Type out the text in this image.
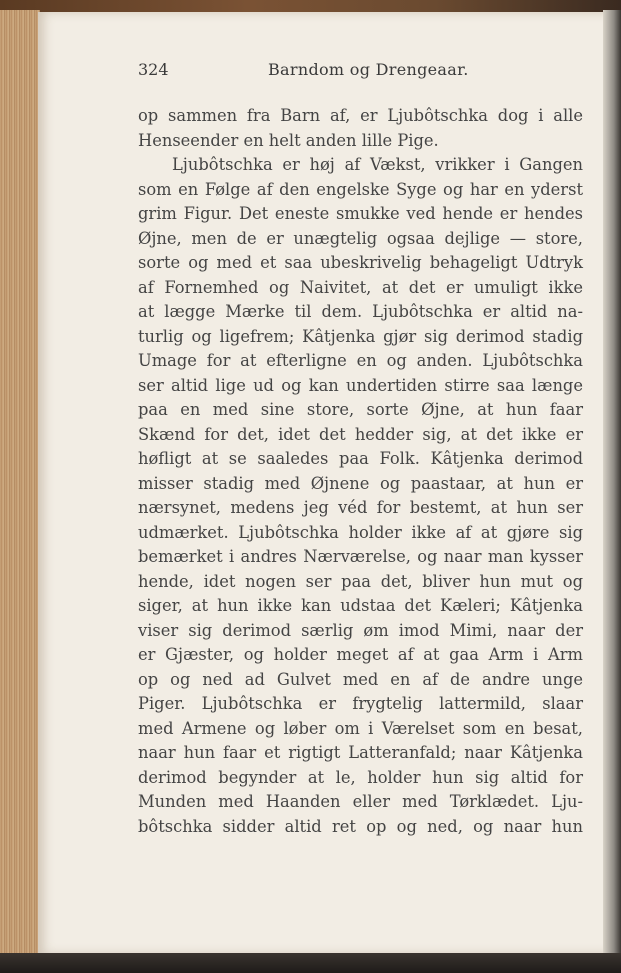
324	Barndom og Drengeaar.
op sammen fra Barn af, er Ljubôtschka dog i alle
Henseender en helt anden lille Pige.
Ljubôtschka er høj af Vækst, vrikker i Gangen
som en Følge af den engelske Syge og har en yderst
grim Figur. Det eneste smukke ved hende er hendes
Øjne, men de er unægtelig ogsaa dejlige — store,
sorte og med et saa ubeskrivelig behageligt Udtryk
af Fornemhed og Naivitet, at det er umuligt ikke
at lægge Mærke til dem. Ljubôtschka er altid na-
turlig og ligefrem; Kâtjenka gjør sig derimod stadig
Umage for at efterligne en og anden. Ljubôtschka
ser altid lige ud og kan undertiden stirre saa længe
paa en med sine store, sorte Øjne, at hun faar
Skænd for det, idet det hedder sig, at det ikke er
høfligt at se saaledes paa Folk. Kâtjenka derimod
misser stadig med Øjnene og paastaar, at hun er
nærsynet, medens jeg véd for bestemt, at hun ser
udmærket. Ljubôtschka holder ikke af at gjøre sig
bemærket i andres Nærværelse, og naar man kysser
hende, idet nogen ser paa det, bliver hun mut og
siger, at hun ikke kan udstaa det Kæleri; Kâtjenka
viser sig derimod særlig øm imod Mimi, naar der
er Gjæster, og holder meget af at gaa Arm i Arm
op og ned ad Gulvet med en af de andre unge
Piger. Ljubôtschka er frygtelig lattermild, slaar
med Armene og løber om i Værelset som en besat,
naar hun faar et rigtigt Latteranfald; naar Kâtjenka
derimod begynder at le, holder hun sig altid for
Munden med Haanden eller med Tørklædet. Lju-
bôtschka sidder altid ret op og ned, og naar hun
